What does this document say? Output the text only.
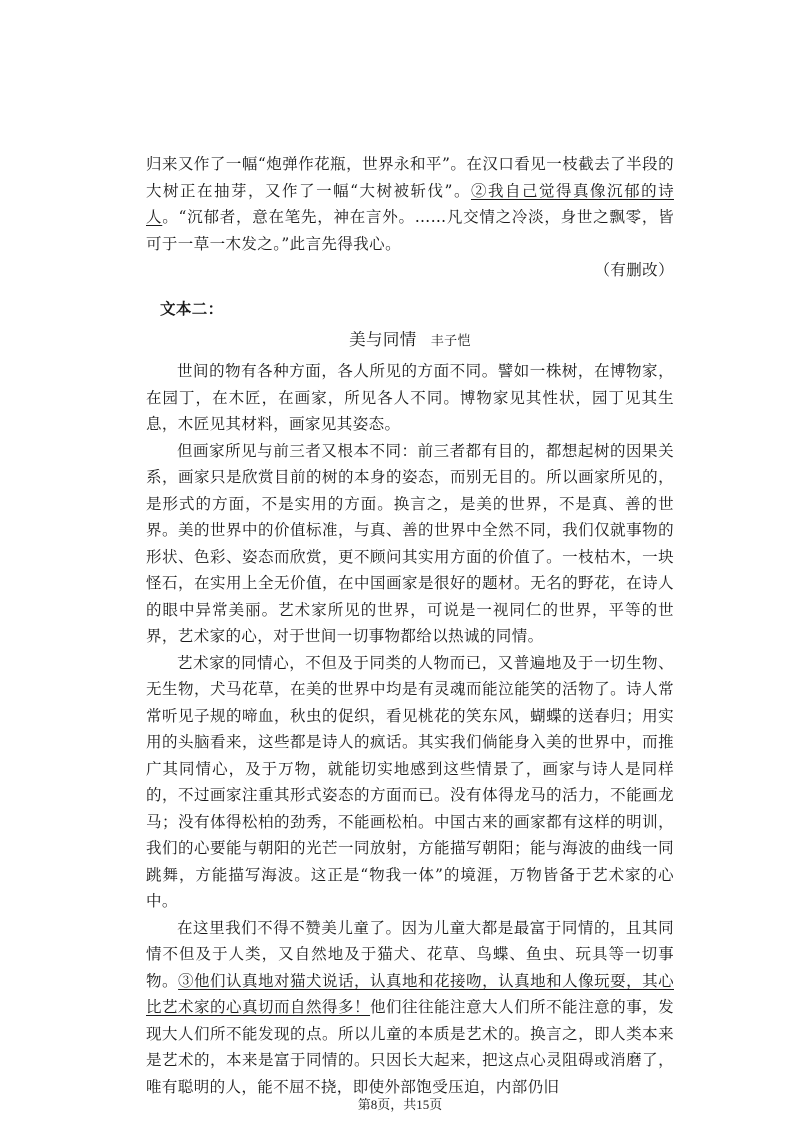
归来又作了一幅“炮弹作花瓶，世界永和平”。在汉口看见一枝截去了半段的大树正在抽芽，又作了一幅“大树被斩伐”。②我自己觉得真像沉郁的诗人。“沉郁者，意在笔先，神在言外。……凡交情之冷淡，身世之飘零，皆可于一草一木发之。”此言先得我心。

（有删改）

文本二：

美与同情 丰子恺

世间的物有各种方面，各人所见的方面不同。譬如一株树，在博物家，在园丁，在木匠，在画家，所见各人不同。博物家见其性状，园丁见其生息，木匠见其材料，画家见其姿态。

但画家所见与前三者又根本不同：前三者都有目的，都想起树的因果关系，画家只是欣赏目前的树的本身的姿态，而别无目的。所以画家所见的，是形式的方面，不是实用的方面。换言之，是美的世界，不是真、善的世界。美的世界中的价值标准，与真、善的世界中全然不同，我们仅就事物的形状、色彩、姿态而欣赏，更不顾问其实用方面的价值了。一枝枯木，一块怪石，在实用上全无价值，在中国画家是很好的题材。无名的野花，在诗人的眼中异常美丽。艺术家所见的世界，可说是一视同仁的世界，平等的世界，艺术家的心，对于世间一切事物都给以热诚的同情。

艺术家的同情心，不但及于同类的人物而已，又普遍地及于一切生物、无生物，犬马花草，在美的世界中均是有灵魂而能泣能笑的活物了。诗人常常听见子规的啼血，秋虫的促织，看见桃花的笑东风，蝴蝶的送春归；用实用的头脑看来，这些都是诗人的疯话。其实我们倘能身入美的世界中，而推广其同情心，及于万物，就能切实地感到这些情景了，画家与诗人是同样的，不过画家注重其形式姿态的方面而已。没有体得龙马的活力，不能画龙马；没有体得松柏的劲秀，不能画松柏。中国古来的画家都有这样的明训，我们的心要能与朝阳的光芒一同放射，方能描写朝阳；能与海波的曲线一同跳舞，方能描写海波。这正是“物我一体”的境涯，万物皆备于艺术家的心中。

在这里我们不得不赞美儿童了。因为儿童大都是最富于同情的，且其同情不但及于人类，又自然地及于猫犬、花草、鸟蝶、鱼虫、玩具等一切事物。③他们认真地对猫犬说话，认真地和花接吻，认真地和人像玩耍，其心比艺术家的心真切而自然得多！他们往往能注意大人们所不能注意的事，发现大人们所不能发现的点。所以儿童的本质是艺术的。换言之，即人类本来是艺术的，本来是富于同情的。只因长大起来，把这点心灵阻碍或消磨了，唯有聪明的人，能不屈不挠，即使外部饱受压迫，内部仍旧

第8页，共15页
